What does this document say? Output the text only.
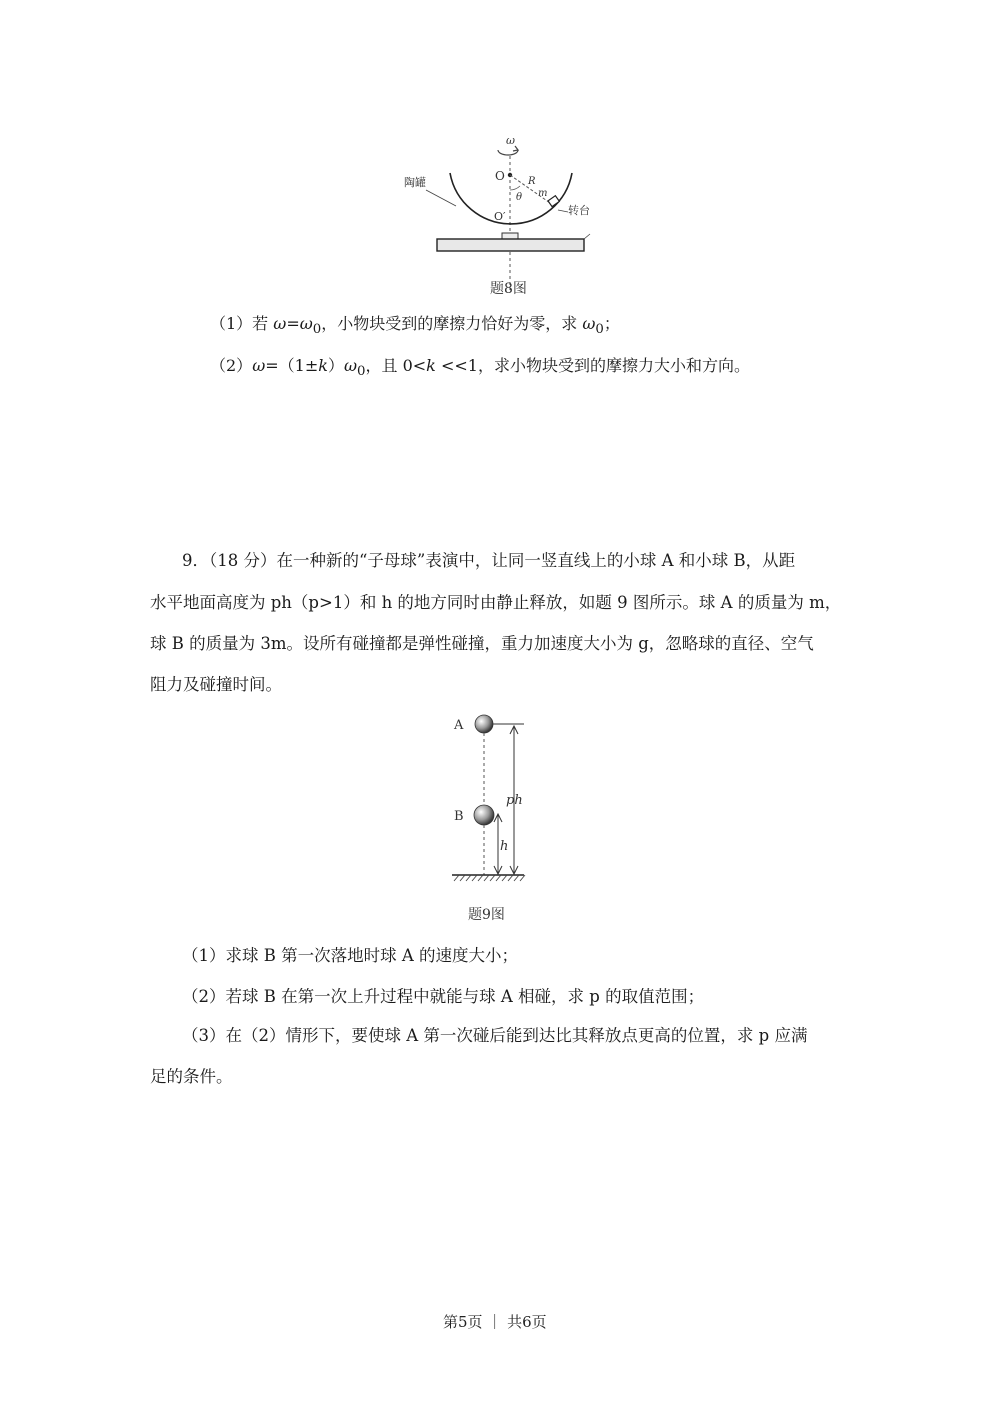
ω
O R
θ m
O′
陶罐
转台
题8图
（1）若 $\omega=\omega_0$，小物块受到的摩擦力恰好为零，求 $\omega_0$；
$(2)\omega=(1\pm k)\omega_0$，且 0<k <<1，求小物块受到的摩擦力大小和方向。
9．（18 分）在一种新的“子母球”表演中，让同一竖直线上的小球 A 和小球 B，从距
水平地面高度为 ph（p>1）和 h 的地方同时由静止释放，如题 9 图所示。球 A 的质量为 m，
球 B 的质量为 3m。设所有碰撞都是弹性碰撞，重力加速度大小为 g，忽略球的直径、空气
阻力及碰撞时间。
A
B
ph
h
题9图
（1）求球 B 第一次落地时球 A 的速度大小；
（2）若球 B 在第一次上升过程中就能与球 A 相碰，求 p 的取值范围；
（3）在（2）情形下，要使球 A 第一次碰后能到达比其释放点更高的位置，求 p 应满
足的条件。
第5页 ｜ 共6页
